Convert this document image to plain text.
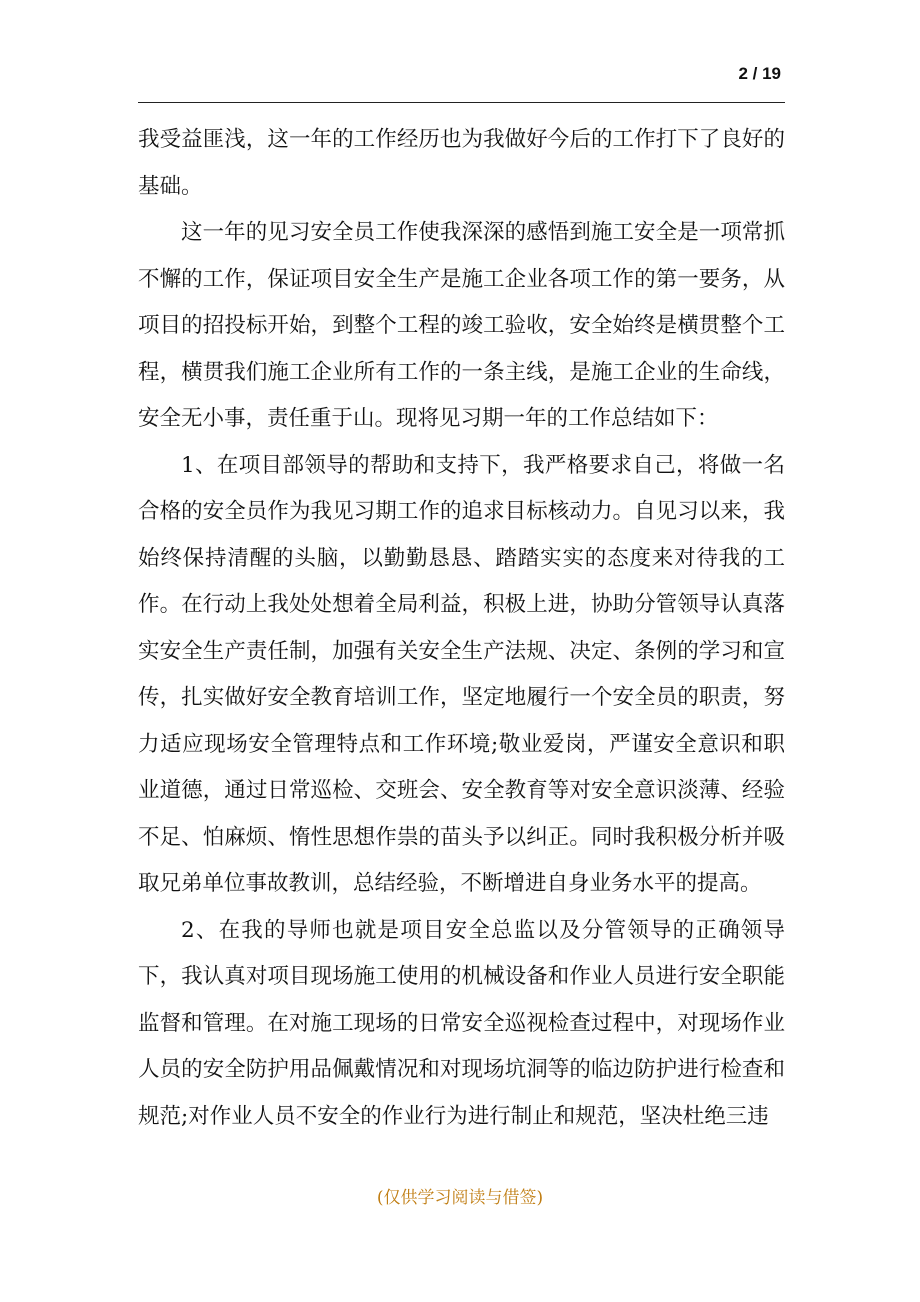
2 / 19

我受益匪浅，这一年的工作经历也为我做好今后的工作打下了良好的基础。

这一年的见习安全员工作使我深深的感悟到施工安全是一项常抓不懈的工作，保证项目安全生产是施工企业各项工作的第一要务，从项目的招投标开始，到整个工程的竣工验收，安全始终是横贯整个工程，横贯我们施工企业所有工作的一条主线，是施工企业的生命线，安全无小事，责任重于山。现将见习期一年的工作总结如下：

1、在项目部领导的帮助和支持下，我严格要求自己，将做一名合格的安全员作为我见习期工作的追求目标核动力。自见习以来，我始终保持清醒的头脑，以勤勤恳恳、踏踏实实的态度来对待我的工作。在行动上我处处想着全局利益，积极上进，协助分管领导认真落实安全生产责任制，加强有关安全生产法规、决定、条例的学习和宣传，扎实做好安全教育培训工作，坚定地履行一个安全员的职责，努力适应现场安全管理特点和工作环境;敬业爱岗，严谨安全意识和职业道德，通过日常巡检、交班会、安全教育等对安全意识淡薄、经验不足、怕麻烦、惰性思想作祟的苗头予以纠正。同时我积极分析并吸取兄弟单位事故教训，总结经验，不断增进自身业务水平的提高。

2、在我的导师也就是项目安全总监以及分管领导的正确领导下，我认真对项目现场施工使用的机械设备和作业人员进行安全职能监督和管理。在对施工现场的日常安全巡视检查过程中，对现场作业人员的安全防护用品佩戴情况和对现场坑洞等的临边防护进行检查和规范;对作业人员不安全的作业行为进行制止和规范，坚决杜绝三违

(仅供学习阅读与借签)
